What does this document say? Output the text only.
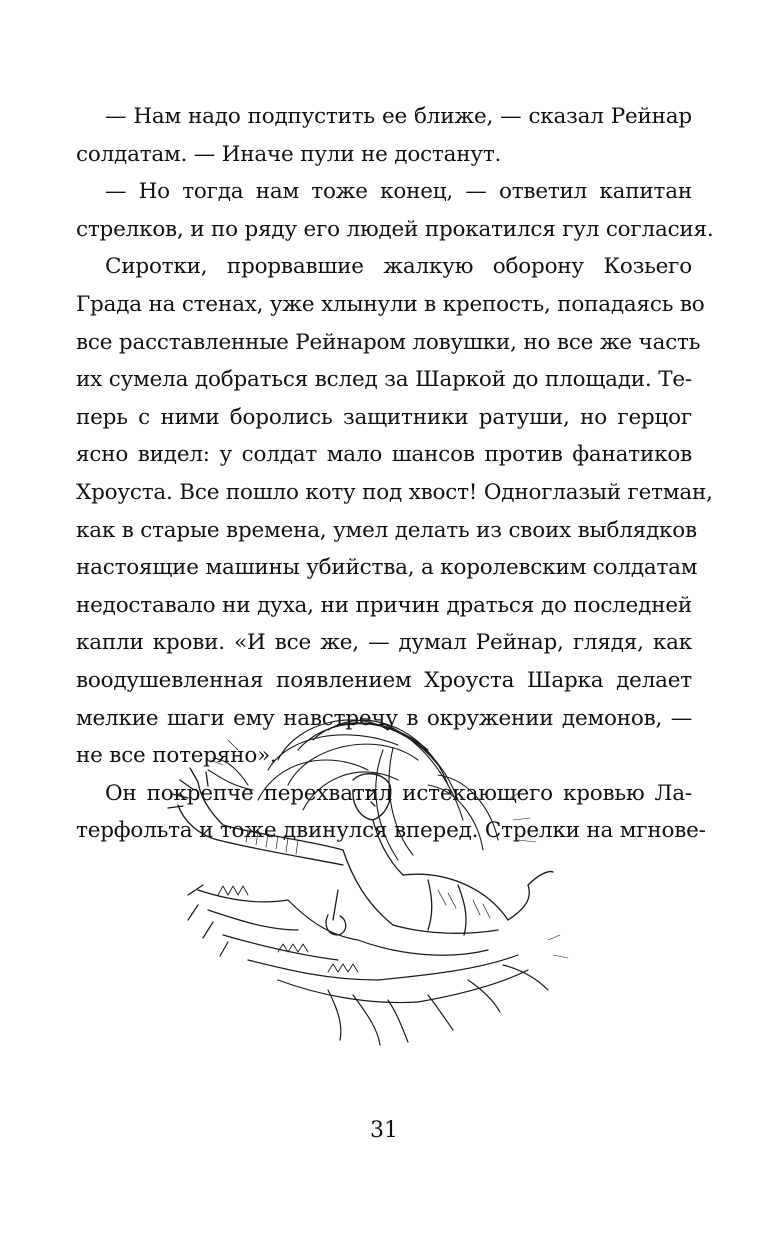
— Нам надо подпустить ее ближе, — сказал Рейнар
солдатам. — Иначе пули не достанут.
— Но тогда нам тоже конец, — ответил капитан
стрелков, и по ряду его людей прокатился гул согласия.
Сиротки, прорвавшие жалкую оборону Козьего
Града на стенах, уже хлынули в крепость, попадаясь во
все расставленные Рейнаром ловушки, но все же часть
их сумела добраться вслед за Шаркой до площади. Те-
перь с ними боролись защитники ратуши, но герцог
ясно видел: у солдат мало шансов против фанатиков
Хроуста. Все пошло коту под хвост! Одноглазый гетман,
как в старые времена, умел делать из своих выблядков
настоящие машины убийства, а королевским солдатам
недоставало ни духа, ни причин драться до последней
капли крови. «И все же, — думал Рейнар, глядя, как
воодушевленная появлением Хроуста Шарка делает
мелкие шаги ему навстречу в окружении демонов, —
не все потеряно».
Он покрепче перехватил истекающего кровью Ла-
терфольта и тоже двинулся вперед. Стрелки на мгнове-
31
